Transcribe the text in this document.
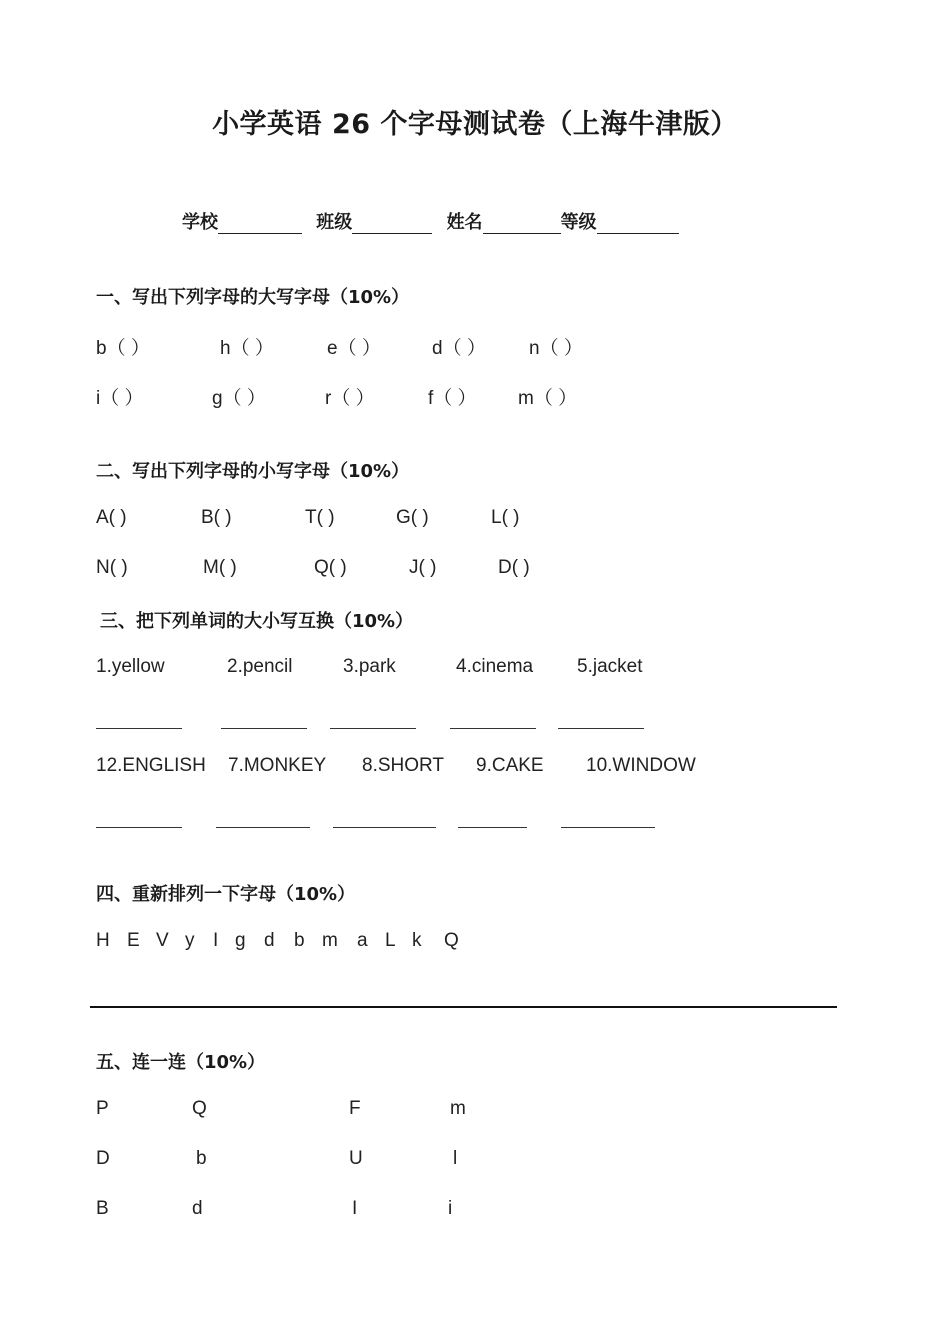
小学英语 26 个字母测试卷（上海牛津版）
学校	班级	姓名	等级
一、写出下列字母的大写字母（10%）
b（ ）	h（ ）	e（ ）	d（ ） n（ ）
i（ ）	g（ ）	r（ ）	f（ ） m（ ）
二、写出下列字母的小写字母（10%）
A( )	B( )	T( )	G( )	L( )
N( )	M( )	Q( )	J( )	D( )
三、把下列单词的大小写互换（10%）
1.yellow	2.pencil	3.park	4.cinema 5.jacket
12.ENGLISH 7.MONKEY 8.SHORT 9.CAKE 10.WINDOW
四、重新排列一下字母（10%）
H E V y I g d b m a L k Q
五、连一连（10%）
P	Q	F	m
D	b	U	l
B	d	I	i
